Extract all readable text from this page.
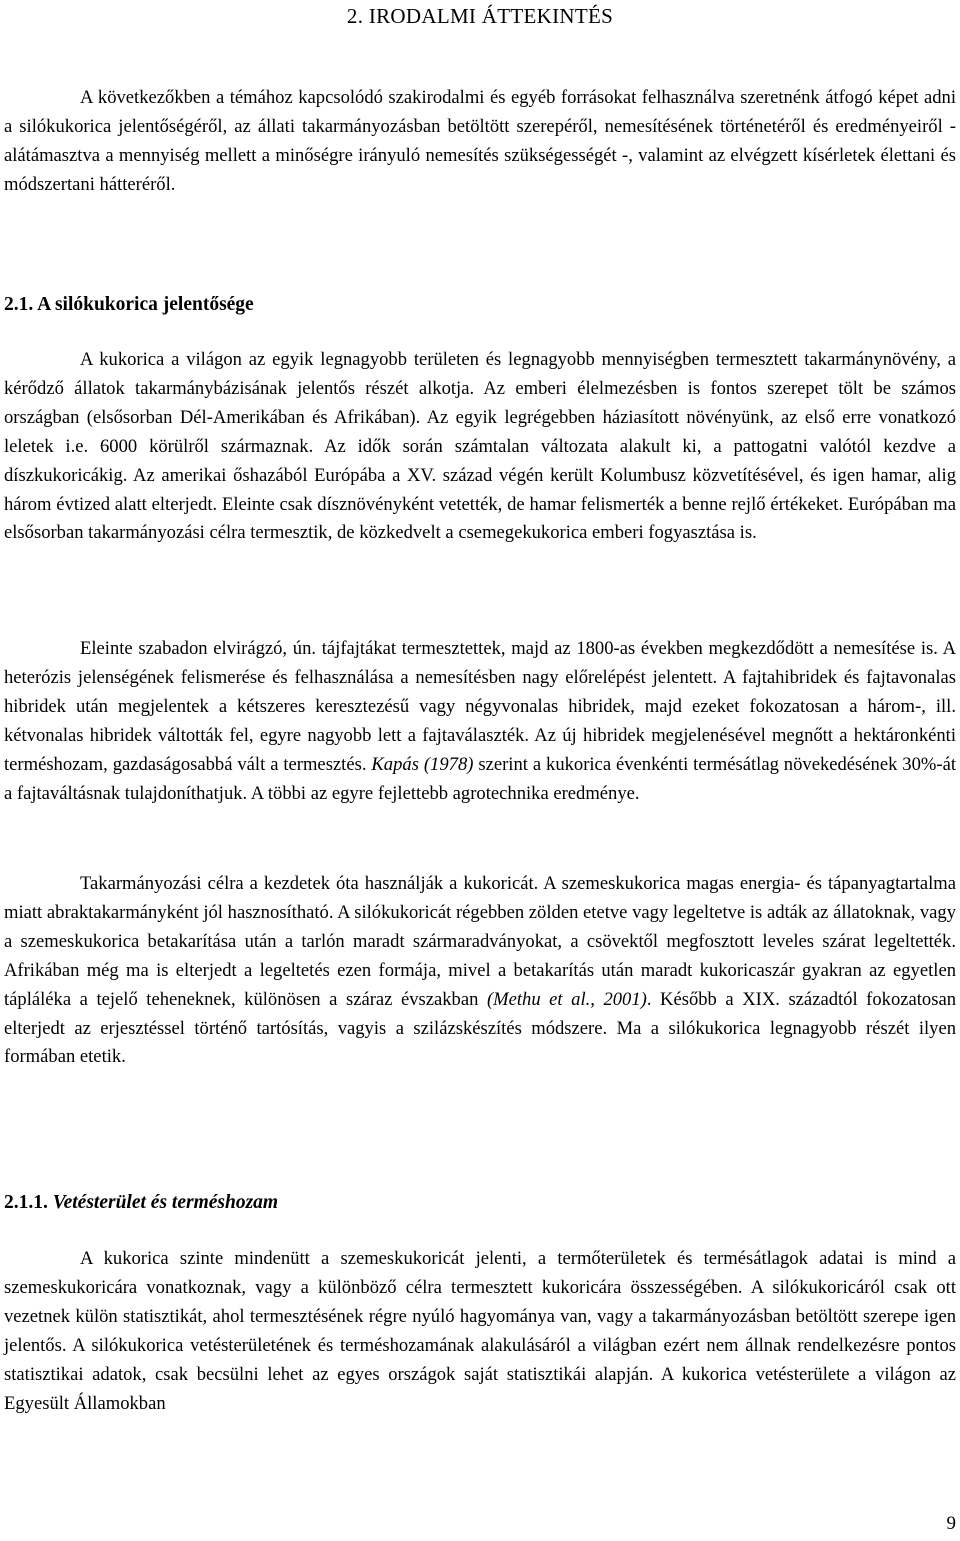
2. IRODALMI ÁTTEKINTÉS

A következőkben a témához kapcsolódó szakirodalmi és egyéb forrásokat felhasználva szeretnénk átfogó képet adni a silókukorica jelentőségéről, az állati takarmányozásban betöltött szerepéről, nemesítésének történetéről és eredményeiről - alátámasztva a mennyiség mellett a minőségre irányuló nemesítés szükségességét -, valamint az elvégzett kísérletek élettani és módszertani hátteréről.

2.1. A silókukorica jelentősége

A kukorica a világon az egyik legnagyobb területen és legnagyobb mennyiségben termesztett takarmánynövény, a kérődző állatok takarmánybázisának jelentős részét alkotja. Az emberi élelmezésben is fontos szerepet tölt be számos országban (elsősorban Dél-Amerikában és Afrikában). Az egyik legrégebben háziasított növényünk, az első erre vonatkozó leletek i.e. 6000 körülről származnak. Az idők során számtalan változata alakult ki, a pattogatni valótól kezdve a díszkukoricákig. Az amerikai őshazából Európába a XV. század végén került Kolumbusz közvetítésével, és igen hamar, alig három évtized alatt elterjedt. Eleinte csak dísznövényként vetették, de hamar felismerték a benne rejlő értékeket. Európában ma elsősorban takarmányozási célra termesztik, de közkedvelt a csemegekukorica emberi fogyasztása is.

Eleinte szabadon elvirágzó, ún. tájfajtákat termesztettek, majd az 1800-as években megkezdődött a nemesítése is. A heterózis jelenségének felismerése és felhasználása a nemesítésben nagy előrelépést jelentett. A fajtahibridek és fajtavonalas hibridek után megjelentek a kétszeres keresztezésű vagy négyvonalas hibridek, majd ezeket fokozatosan a három-, ill. kétvonalas hibridek váltották fel, egyre nagyobb lett a fajtaválaszték. Az új hibridek megjelenésével megnőtt a hektáronkénti terméshozam, gazdaságosabbá vált a termesztés. Kapás (1978) szerint a kukorica évenkénti termésátlag növekedésének 30%-át a fajtaváltásnak tulajdoníthatjuk. A többi az egyre fejlettebb agrotechnika eredménye.

Takarmányozási célra a kezdetek óta használják a kukoricát. A szemeskukorica magas energia- és tápanyagtartalma miatt abraktakarmányként jól hasznosítható. A silókukoricát régebben zölden etetve vagy legeltetve is adták az állatoknak, vagy a szemeskukorica betakarítása után a tarlón maradt szármaradványokat, a csövektől megfosztott leveles szárat legeltették. Afrikában még ma is elterjedt a legeltetés ezen formája, mivel a betakarítás után maradt kukoricaszár gyakran az egyetlen tápláléka a tejelő teheneknek, különösen a száraz évszakban (Methu et al., 2001). Később a XIX. századtól fokozatosan elterjedt az erjesztéssel történő tartósítás, vagyis a szilázskészítés módszere. Ma a silókukorica legnagyobb részét ilyen formában etetik.

2.1.1. Vetésterület és terméshozam

A kukorica szinte mindenütt a szemeskukoricát jelenti, a termőterületek és termésátlagok adatai is mind a szemeskukoricára vonatkoznak, vagy a különböző célra termesztett kukoricára összességében. A silókukoricáról csak ott vezetnek külön statisztikát, ahol termesztésének régre nyúló hagyománya van, vagy a takarmányozásban betöltött szerepe igen jelentős. A silókukorica vetésterületének és terméshozamának alakulásáról a világban ezért nem állnak rendelkezésre pontos statisztikai adatok, csak becsülni lehet az egyes országok saját statisztikái alapján. A kukorica vetésterülete a világon az Egyesült Államokban

9
